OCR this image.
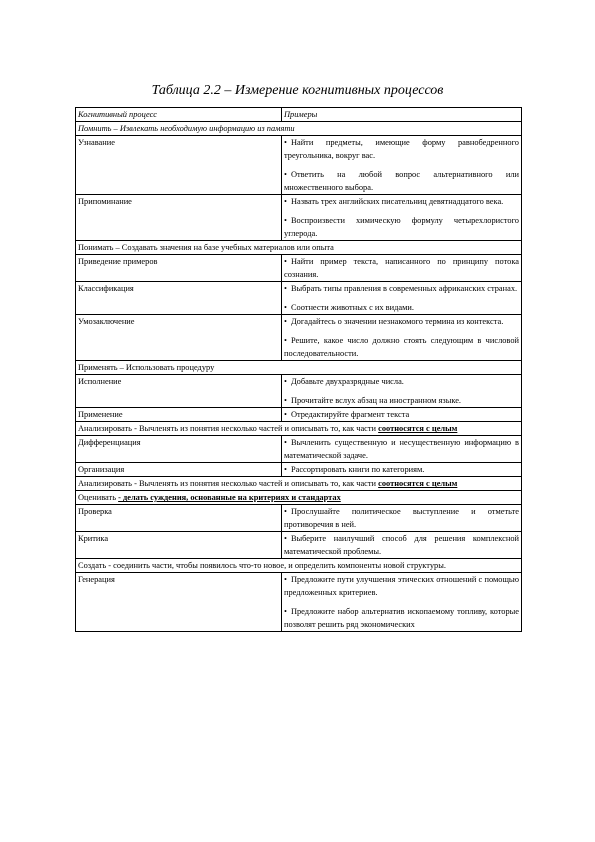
Таблица 2.2 – Измерение когнитивных процессов
Когнитивный процесс	Примеры
Помнить – Извлекать необходимую информацию из памяти	
Узнавание	• Найти предметы, имеющие форму равнобедренного треугольника, вокруг вас.

• Ответить на любой вопрос альтернативного или множественного выбора.

Припоминание	• Назвать трех английских писательниц девятнадцатого века.

• Воспроизвести химическую формулу четырехлористого углерода.

Понимать – Создавать значения на базе учебных материалов или опыта	
Приведение примеров	• Найти пример текста, написанного по принципу потока сознания.

Классификация	• Выбрать типы правления в современных африканских странах.

• Соотнести животных с их видами.

Умозаключение	• Догадайтесь о значении незнакомого термина из контекста.

• Решите, какое число должно стоять следующим в числовой последовательности.

Применять – Использовать процедуру	
Исполнение	• Добавьте двухразрядные числа.

• Прочитайте вслух абзац на иностранном языке.

Применение	• Отредактируйте фрагмент текста

Анализировать - Вычленять из понятия несколько частей и описывать то, как части соотносятся с целым	
Дифференциация	• Вычленить существенную и несущественную информацию в математической задаче.

Организация	• Рассортировать книги по категориям.

Анализировать - Вычленять из понятия несколько частей и описывать то, как части соотносятся с целым	
Оценивать - делать суждения, основанные на критериях и стандартах	
Проверка	• Прослушайте политическое выступление и отметьте противоречия в ней.

Критика	• Выберите наилучший способ для решения комплексной математической проблемы.

Создать - соединить части, чтобы появилось что-то новое, и определить компоненты новой структуры.	
Генерация	• Предложите пути улучшения этических отношений с помощью предложенных критериев.

• Предложите набор альтернатив ископаемому топливу, которые позволят решить ряд экономических
